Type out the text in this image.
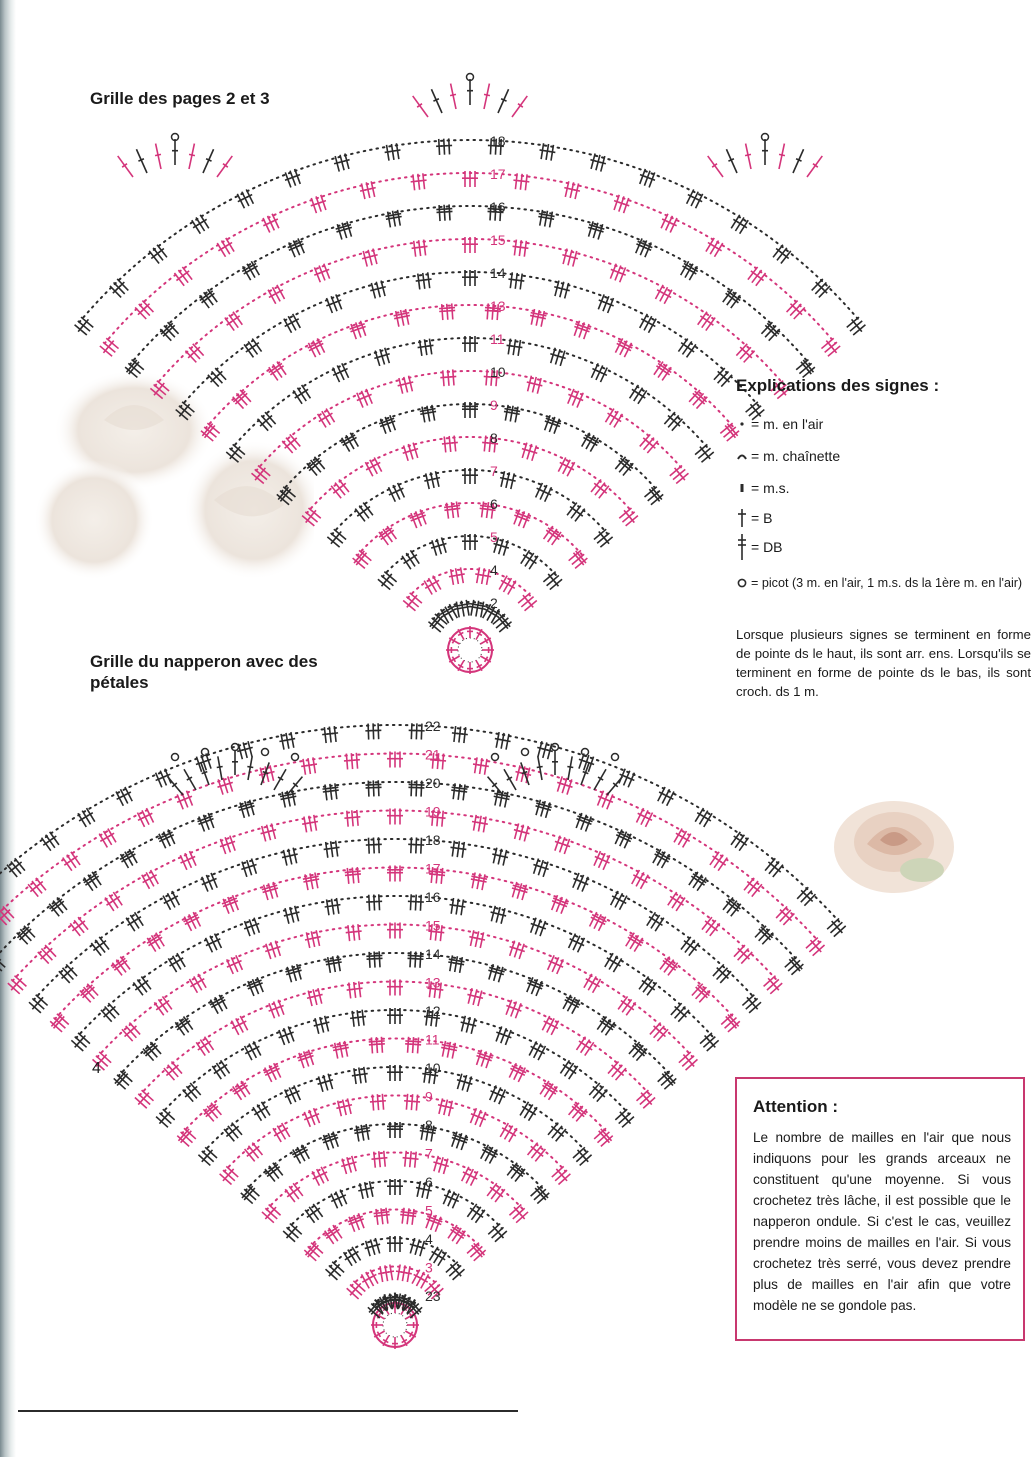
Grille des pages 2 et 3
Grille du napperon avec des pétales
2
4
5
6
7
8
9
10
11
13
14
15
16
17
18
23
3
4
5
6
7
8
9
10
11
12
13
14
15
16
17
18
19
20
21
22
Explications des signes :
= m. en l'air
= m. chaînette
= m.s.
= B
= DB
= picot (3 m. en l'air, 1 m.s. ds la 1ère m. en l'air)
Lorsque plusieurs signes se terminent en forme de pointe ds le haut, ils sont arr. ens. Lorsqu'ils se terminent en forme de pointe ds le bas, ils sont croch. ds 1 m.
Attention :
Le nombre de mailles en l'air que nous indiquons pour les grands arceaux ne constituent qu'une moyenne. Si vous crochetez très lâche, il est possible que le napperon ondule. Si c'est le cas, veuillez prendre moins de mailles en l'air. Si vous crochetez très serré, vous devez prendre plus de mailles en l'air afin que votre modèle ne se gondole pas.
4
